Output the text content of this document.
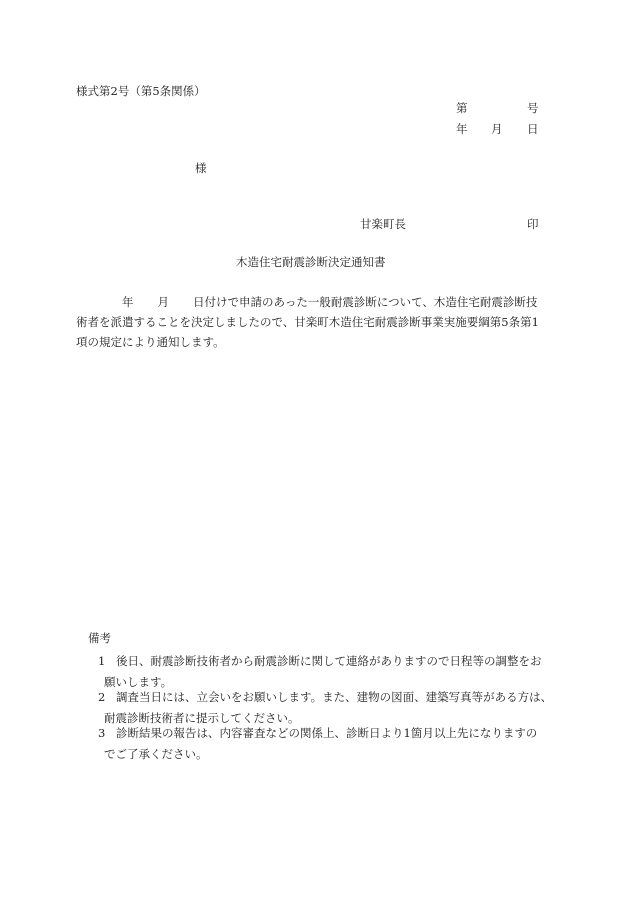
様式第2号（第5条関係）
第	号
年 月 日
様
甘楽町長	印
木造住宅耐震診断決定通知書
年 月 日付けで申請のあった一般耐震診断について、木造住宅耐震診断技
術者を派遣することを決定しましたので、甘楽町木造住宅耐震診断事業実施要綱第5条第1
項の規定により通知します。
備考
1 後日、耐震診断技術者から耐震診断に関して連絡がありますので日程等の調整をお
願いします。
2 調査当日には、立会いをお願いします。また、建物の図面、建築写真等がある方は、
耐震診断技術者に提示してください。
3 診断結果の報告は、内容審査などの関係上、診断日より1箇月以上先になりますの
でご了承ください。
